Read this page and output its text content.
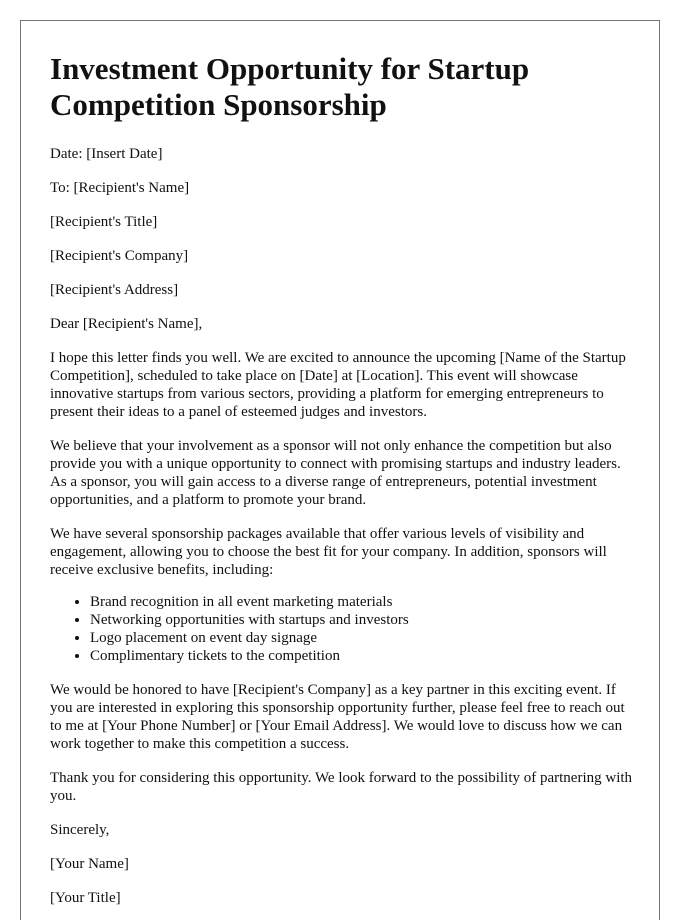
Investment Opportunity for Startup Competition Sponsorship

Date: [Insert Date]

To: [Recipient's Name]

[Recipient's Title]

[Recipient's Company]

[Recipient's Address]

Dear [Recipient's Name],

I hope this letter finds you well. We are excited to announce the upcoming [Name of the Startup Competition], scheduled to take place on [Date] at [Location]. This event will showcase innovative startups from various sectors, providing a platform for emerging entrepreneurs to present their ideas to a panel of esteemed judges and investors.

We believe that your involvement as a sponsor will not only enhance the competition but also provide you with a unique opportunity to connect with promising startups and industry leaders. As a sponsor, you will gain access to a diverse range of entrepreneurs, potential investment opportunities, and a platform to promote your brand.

We have several sponsorship packages available that offer various levels of visibility and engagement, allowing you to choose the best fit for your company. In addition, sponsors will receive exclusive benefits, including:

• Brand recognition in all event marketing materials
• Networking opportunities with startups and investors
• Logo placement on event day signage
• Complimentary tickets to the competition

We would be honored to have [Recipient's Company] as a key partner in this exciting event. If you are interested in exploring this sponsorship opportunity further, please feel free to reach out to me at [Your Phone Number] or [Your Email Address]. We would love to discuss how we can work together to make this competition a success.

Thank you for considering this opportunity. We look forward to the possibility of partnering with you.

Sincerely,

[Your Name]

[Your Title]
